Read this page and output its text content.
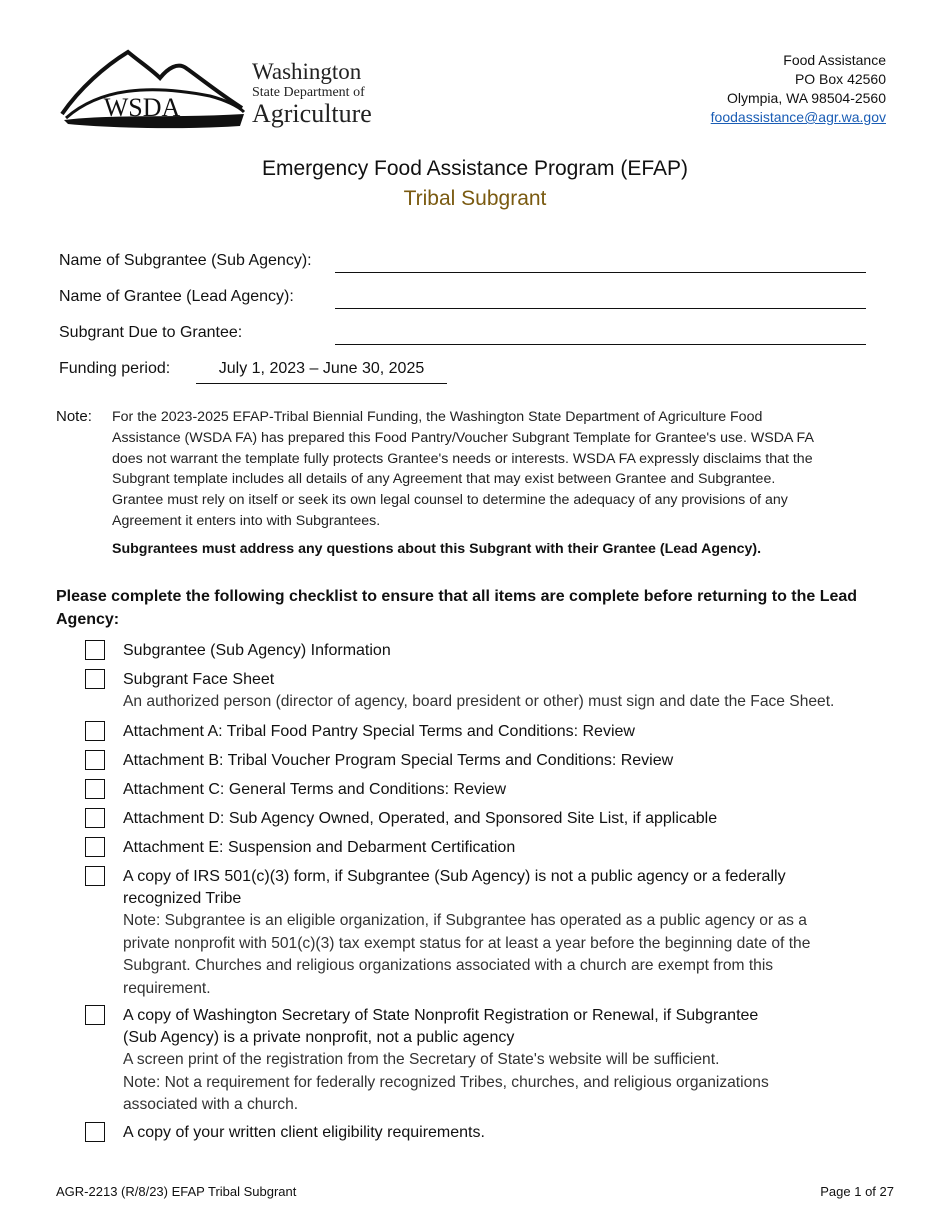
WSDA
Washington
State Department of
Agriculture
Food Assistance
PO Box 42560
Olympia, WA 98504-2560
foodassistance@agr.wa.gov
Emergency Food Assistance Program (EFAP)
Tribal Subgrant
Name of Subgrantee (Sub Agency):
Name of Grantee (Lead Agency):
Subgrant Due to Grantee:
Funding period:	July 1, 2023 – June 30, 2025
Note: For the 2023-2025 EFAP-Tribal Biennial Funding, the Washington State Department of Agriculture Food
Assistance (WSDA FA) has prepared this Food Pantry/Voucher Subgrant Template for Grantee's use. WSDA FA
does not warrant the template fully protects Grantee's needs or interests. WSDA FA expressly disclaims that the
Subgrant template includes all details of any Agreement that may exist between Grantee and Subgrantee.
Grantee must rely on itself or seek its own legal counsel to determine the adequacy of any provisions of any
Agreement it enters into with Subgrantees.
Subgrantees must address any questions about this Subgrant with their Grantee (Lead Agency).
Please complete the following checklist to ensure that all items are complete before returning to the Lead
Agency:
Subgrantee (Sub Agency) Information
Subgrant Face Sheet
An authorized person (director of agency, board president or other) must sign and date the Face Sheet.
Attachment A: Tribal Food Pantry Special Terms and Conditions: Review
Attachment B: Tribal Voucher Program Special Terms and Conditions: Review
Attachment C: General Terms and Conditions: Review
Attachment D: Sub Agency Owned, Operated, and Sponsored Site List, if applicable
Attachment E: Suspension and Debarment Certification
A copy of IRS 501(c)(3) form, if Subgrantee (Sub Agency) is not a public agency or a federally
recognized Tribe
Note: Subgrantee is an eligible organization, if Subgrantee has operated as a public agency or as a
private nonprofit with 501(c)(3) tax exempt status for at least a year before the beginning date of the
Subgrant. Churches and religious organizations associated with a church are exempt from this
requirement.
A copy of Washington Secretary of State Nonprofit Registration or Renewal, if Subgrantee
(Sub Agency) is a private nonprofit, not a public agency
A screen print of the registration from the Secretary of State's website will be sufficient.
Note: Not a requirement for federally recognized Tribes, churches, and religious organizations
associated with a church.
A copy of your written client eligibility requirements.
AGR-2213 (R/8/23) EFAP Tribal Subgrant	Page 1 of 27
